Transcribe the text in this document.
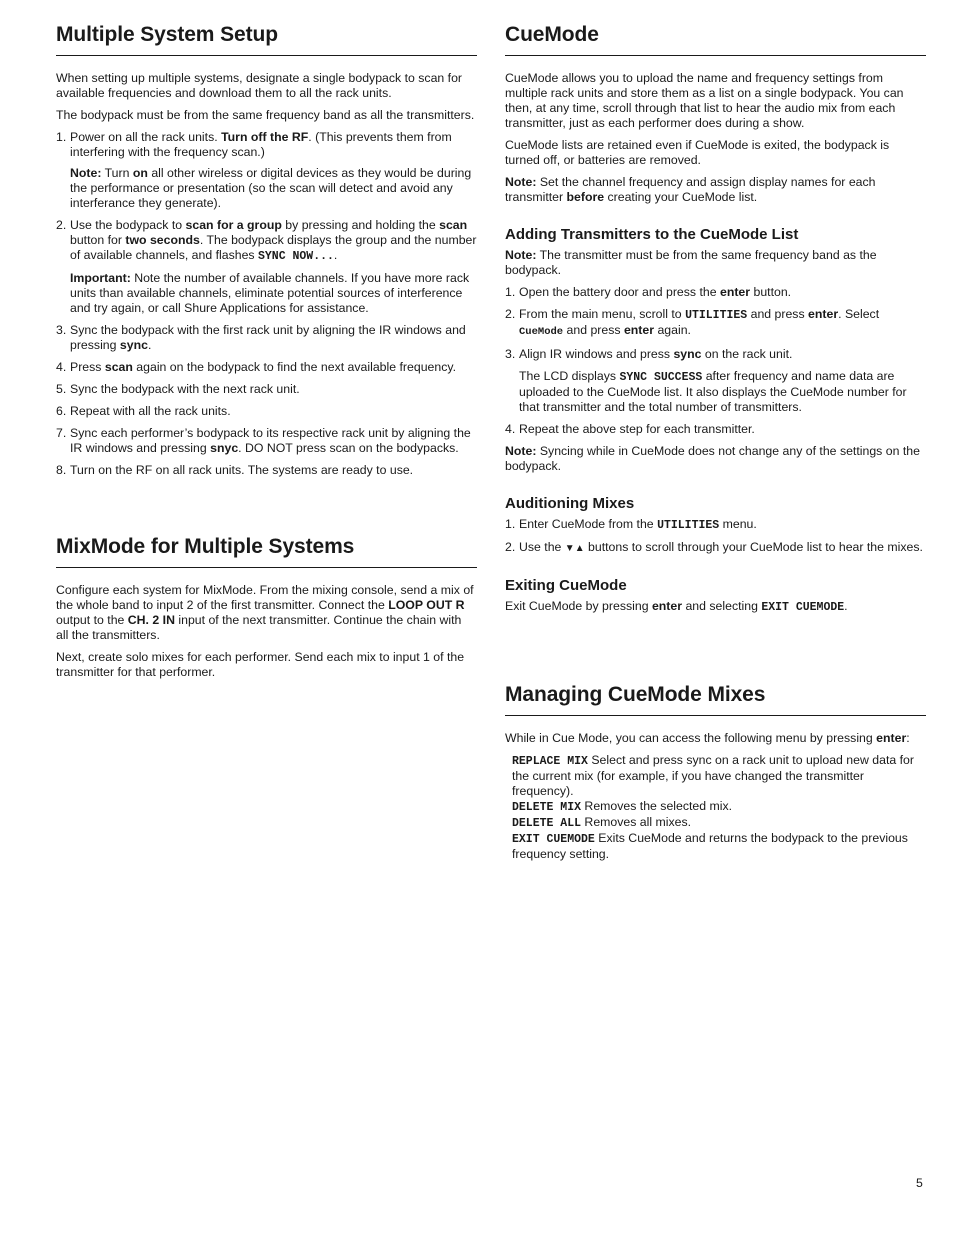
Multiple System Setup

When setting up multiple systems, designate a single bodypack to scan for available frequencies and download them to all the rack units.

The bodypack must be from the same frequency band as all the transmitters.

1. Power on all the rack units. Turn off the RF. (This prevents them from interfering with the frequency scan.)
Note: Turn on all other wireless or digital devices as they would be during the performance or presentation (so the scan will detect and avoid any interferance they generate).
2. Use the bodypack to scan for a group by pressing and holding the scan button for two seconds. The bodypack displays the group and the number of available channels, and flashes SYNC NOW....
Important: Note the number of available channels. If you have more rack units than available channels, eliminate potential sources of interference and try again, or call Shure Applications for assistance.
3. Sync the bodypack with the first rack unit by aligning the IR windows and pressing sync.
4. Press scan again on the bodypack to find the next available frequency.
5. Sync the bodypack with the next rack unit.
6. Repeat with all the rack units.
7. Sync each performer’s bodypack to its respective rack unit by aligning the IR windows and pressing snyc. DO NOT press scan on the bodypacks.
8. Turn on the RF on all rack units. The systems are ready to use.
MixMode for Multiple Systems

Configure each system for MixMode. From the mixing console, send a mix of the whole band to input 2 of the first transmitter. Connect the LOOP OUT R output to the CH. 2 IN input of the next transmitter. Continue the chain with all the transmitters.

Next, create solo mixes for each performer. Send each mix to input 1 of the transmitter for that performer.

CueMode

CueMode allows you to upload the name and frequency settings from multiple rack units and store them as a list on a single bodypack. You can then, at any time, scroll through that list to hear the audio mix from each transmitter, just as each performer does during a show.

CueMode lists are retained even if CueMode is exited, the bodypack is turned off, or batteries are removed.

Note: Set the channel frequency and assign display names for each transmitter before creating your CueMode list.

Adding Transmitters to the CueMode List

Note: The transmitter must be from the same frequency band as the bodypack.

1. Open the battery door and press the enter button.
2. From the main menu, scroll to UTILITIES and press enter. Select CueMode and press enter again.
3. Align IR windows and press sync on the rack unit.
The LCD displays SYNC SUCCESS after frequency and name data are uploaded to the CueMode list. It also displays the CueMode number for that transmitter and the total number of transmitters.
4. Repeat the above step for each transmitter.

Note: Syncing while in CueMode does not change any of the settings on the bodypack.

Auditioning Mixes
1. Enter CueMode from the UTILITIES menu.
2. Use the ▼▲ buttons to scroll through your CueMode list to hear the mixes.
Exiting CueMode

Exit CueMode by pressing enter and selecting EXIT CUEMODE.

Managing CueMode Mixes

While in Cue Mode, you can access the following menu by pressing enter:

REPLACE MIX Select and press sync on a rack unit to upload new data for the current mix (for example, if you have changed the transmitter frequency).

DELETE MIX Removes the selected mix.

DELETE ALL Removes all mixes.

EXIT CUEMODE Exits CueMode and returns the bodypack to the previous frequency setting.

5
